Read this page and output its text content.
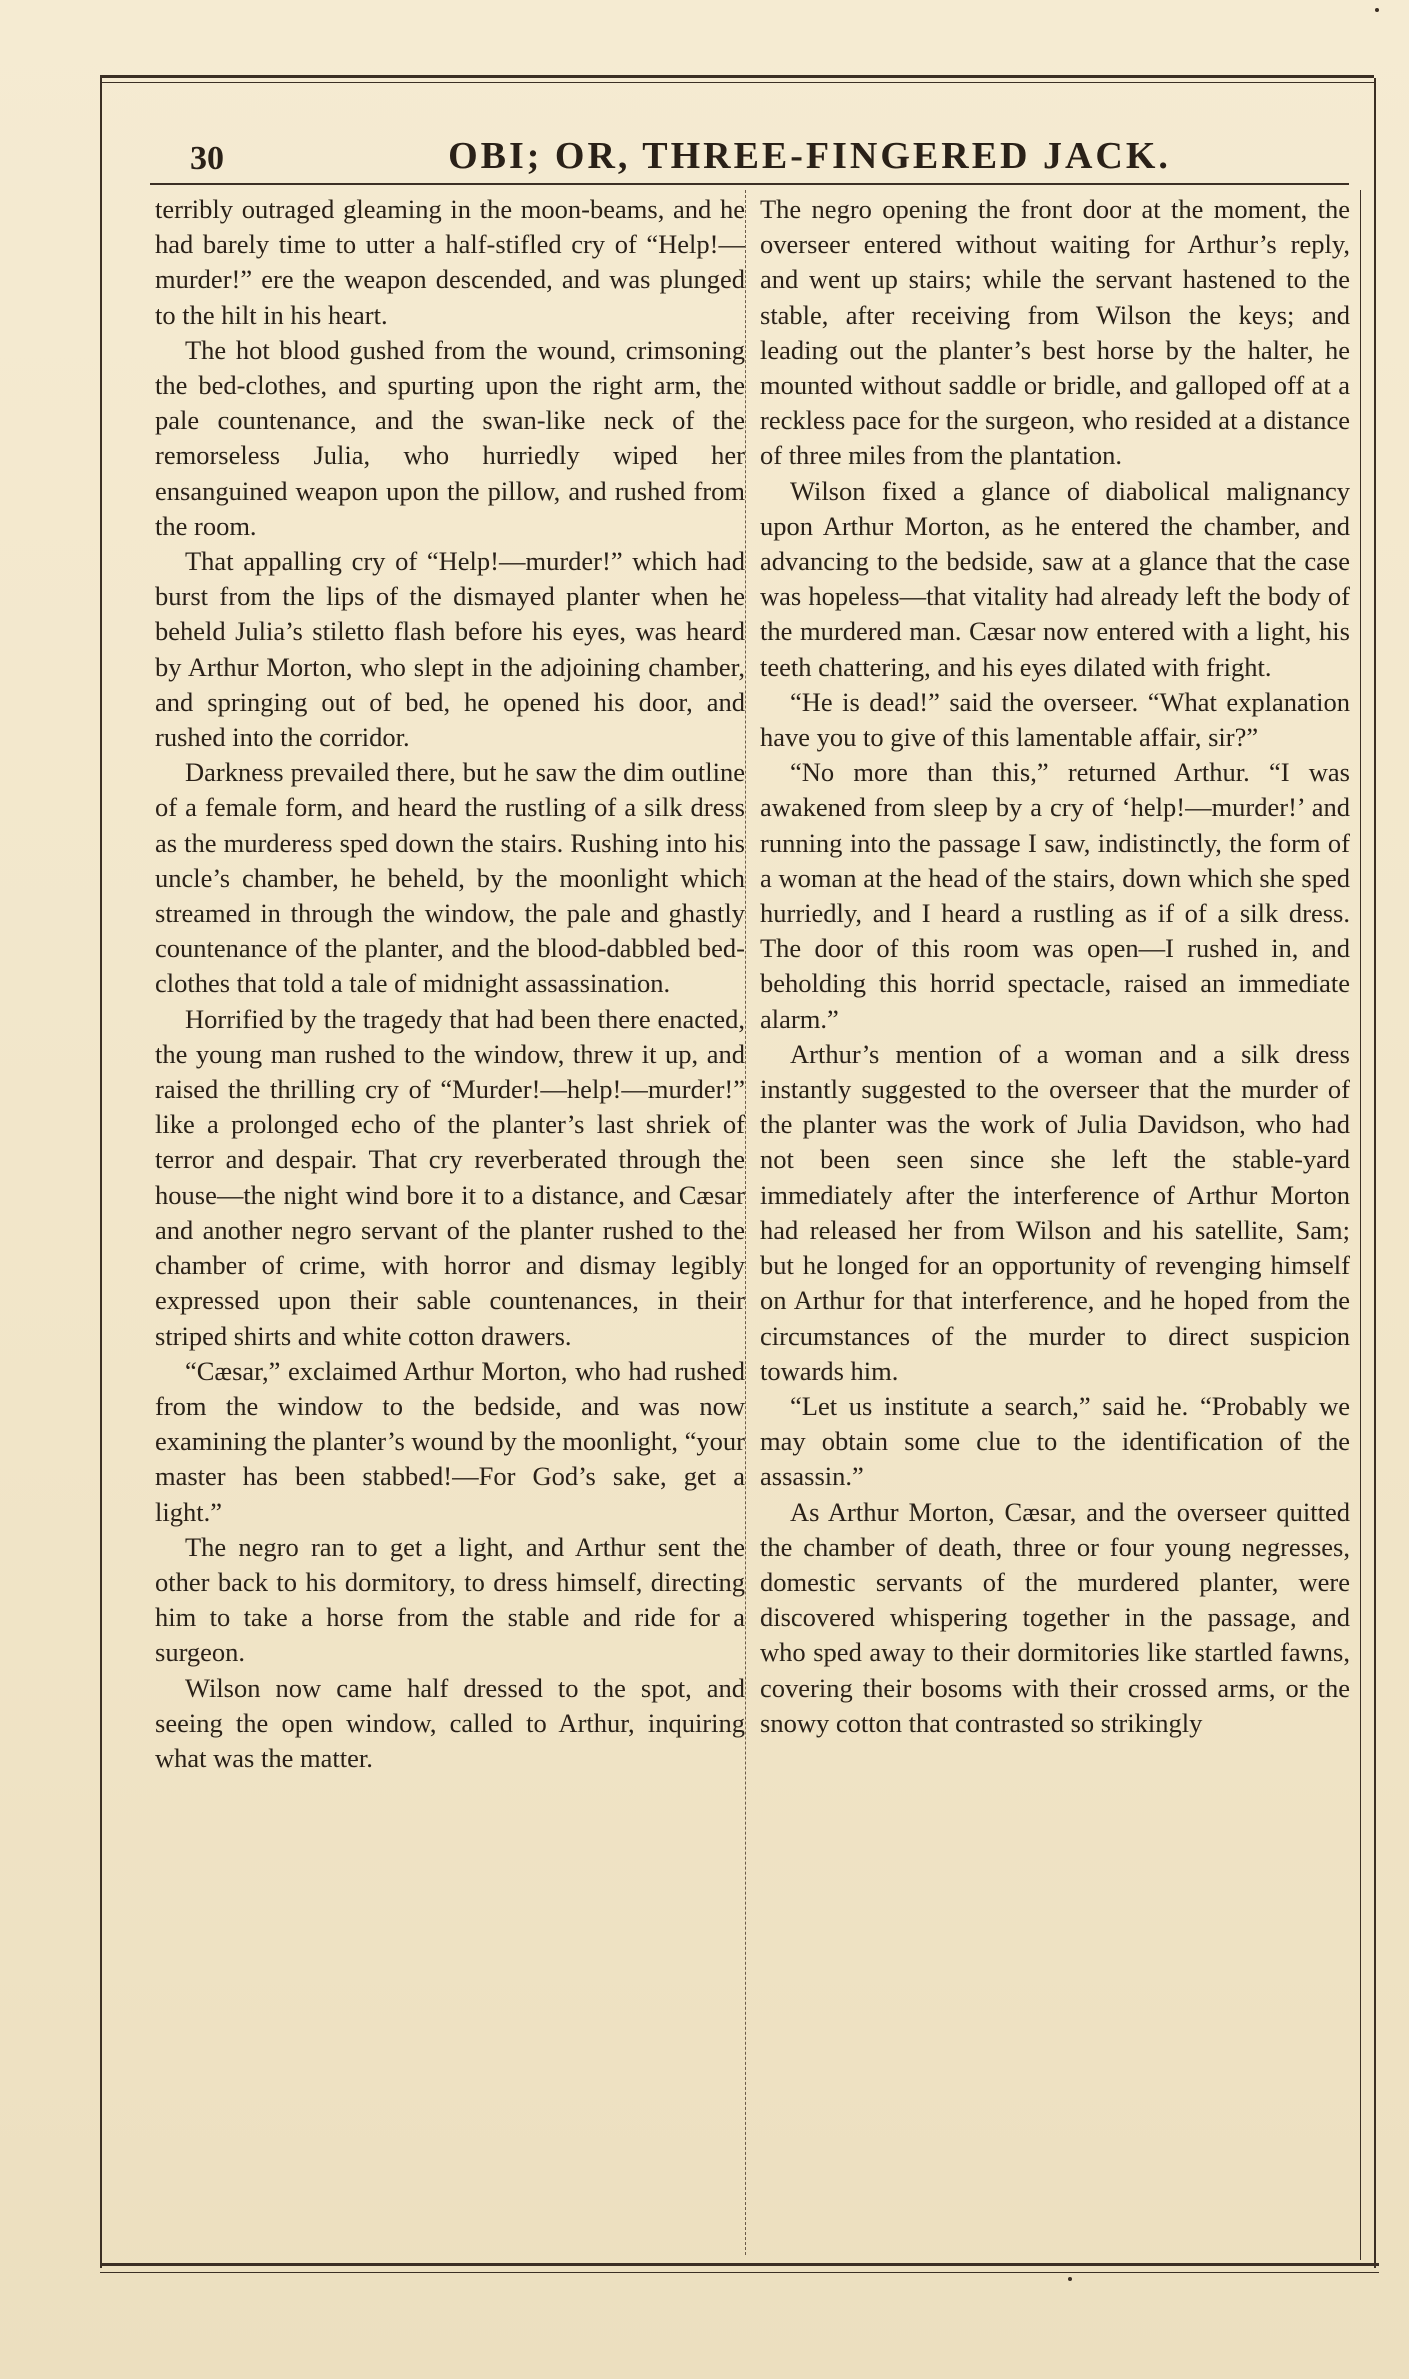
30	OBI; OR, THREE-FINGERED JACK.

terribly outraged gleaming in the moon-beams, and he had barely time to utter a half-stifled cry of “Help!—murder!” ere the weapon descended, and was plunged to the hilt in his heart.

The hot blood gushed from the wound, crimsoning the bed-clothes, and spurting upon the right arm, the pale countenance, and the swan-like neck of the remorseless Julia, who hurriedly wiped her ensanguined weapon upon the pillow, and rushed from the room.

That appalling cry of “Help!—murder!” which had burst from the lips of the dismayed planter when he beheld Julia’s stiletto flash before his eyes, was heard by Arthur Morton, who slept in the adjoining chamber, and springing out of bed, he opened his door, and rushed into the corridor.

Darkness prevailed there, but he saw the dim outline of a female form, and heard the rustling of a silk dress as the murderess sped down the stairs. Rushing into his uncle’s chamber, he beheld, by the moonlight which streamed in through the window, the pale and ghastly countenance of the planter, and the blood-dabbled bed-clothes that told a tale of midnight assassination.

Horrified by the tragedy that had been there enacted, the young man rushed to the window, threw it up, and raised the thrilling cry of “Murder!—help!—murder!” like a prolonged echo of the planter’s last shriek of terror and despair. That cry reverberated through the house—the night wind bore it to a distance, and Cæsar and another negro servant of the planter rushed to the chamber of crime, with horror and dismay legibly expressed upon their sable countenances, in their striped shirts and white cotton drawers.

“Cæsar,” exclaimed Arthur Morton, who had rushed from the window to the bedside, and was now examining the planter’s wound by the moonlight, “your master has been stabbed!—For God’s sake, get a light.”

The negro ran to get a light, and Arthur sent the other back to his dormitory, to dress himself, directing him to take a horse from the stable and ride for a surgeon.

Wilson now came half dressed to the spot, and seeing the open window, called to Arthur, inquiring what was the matter.

The negro opening the front door at the moment, the overseer entered without waiting for Arthur’s reply, and went up stairs; while the servant hastened to the stable, after receiving from Wilson the keys; and leading out the planter’s best horse by the halter, he mounted without saddle or bridle, and galloped off at a reckless pace for the surgeon, who resided at a distance of three miles from the plantation.

Wilson fixed a glance of diabolical malignancy upon Arthur Morton, as he entered the chamber, and advancing to the bedside, saw at a glance that the case was hopeless—that vitality had already left the body of the murdered man. Cæsar now entered with a light, his teeth chattering, and his eyes dilated with fright.

“He is dead!” said the overseer. “What explanation have you to give of this lamentable affair, sir?”

“No more than this,” returned Arthur. “I was awakened from sleep by a cry of ‘help!—murder!’ and running into the passage I saw, indistinctly, the form of a woman at the head of the stairs, down which she sped hurriedly, and I heard a rustling as if of a silk dress. The door of this room was open—I rushed in, and beholding this horrid spectacle, raised an immediate alarm.”

Arthur’s mention of a woman and a silk dress instantly suggested to the overseer that the murder of the planter was the work of Julia Davidson, who had not been seen since she left the stable-yard immediately after the interference of Arthur Morton had released her from Wilson and his satellite, Sam; but he longed for an opportunity of revenging himself on Arthur for that interference, and he hoped from the circumstances of the murder to direct suspicion towards him.

“Let us institute a search,” said he. “Probably we may obtain some clue to the identification of the assassin.”

As Arthur Morton, Cæsar, and the overseer quitted the chamber of death, three or four young negresses, domestic servants of the murdered planter, were discovered whispering together in the passage, and who sped away to their dormitories like startled fawns, covering their bosoms with their crossed arms, or the snowy cotton that contrasted so strikingly
